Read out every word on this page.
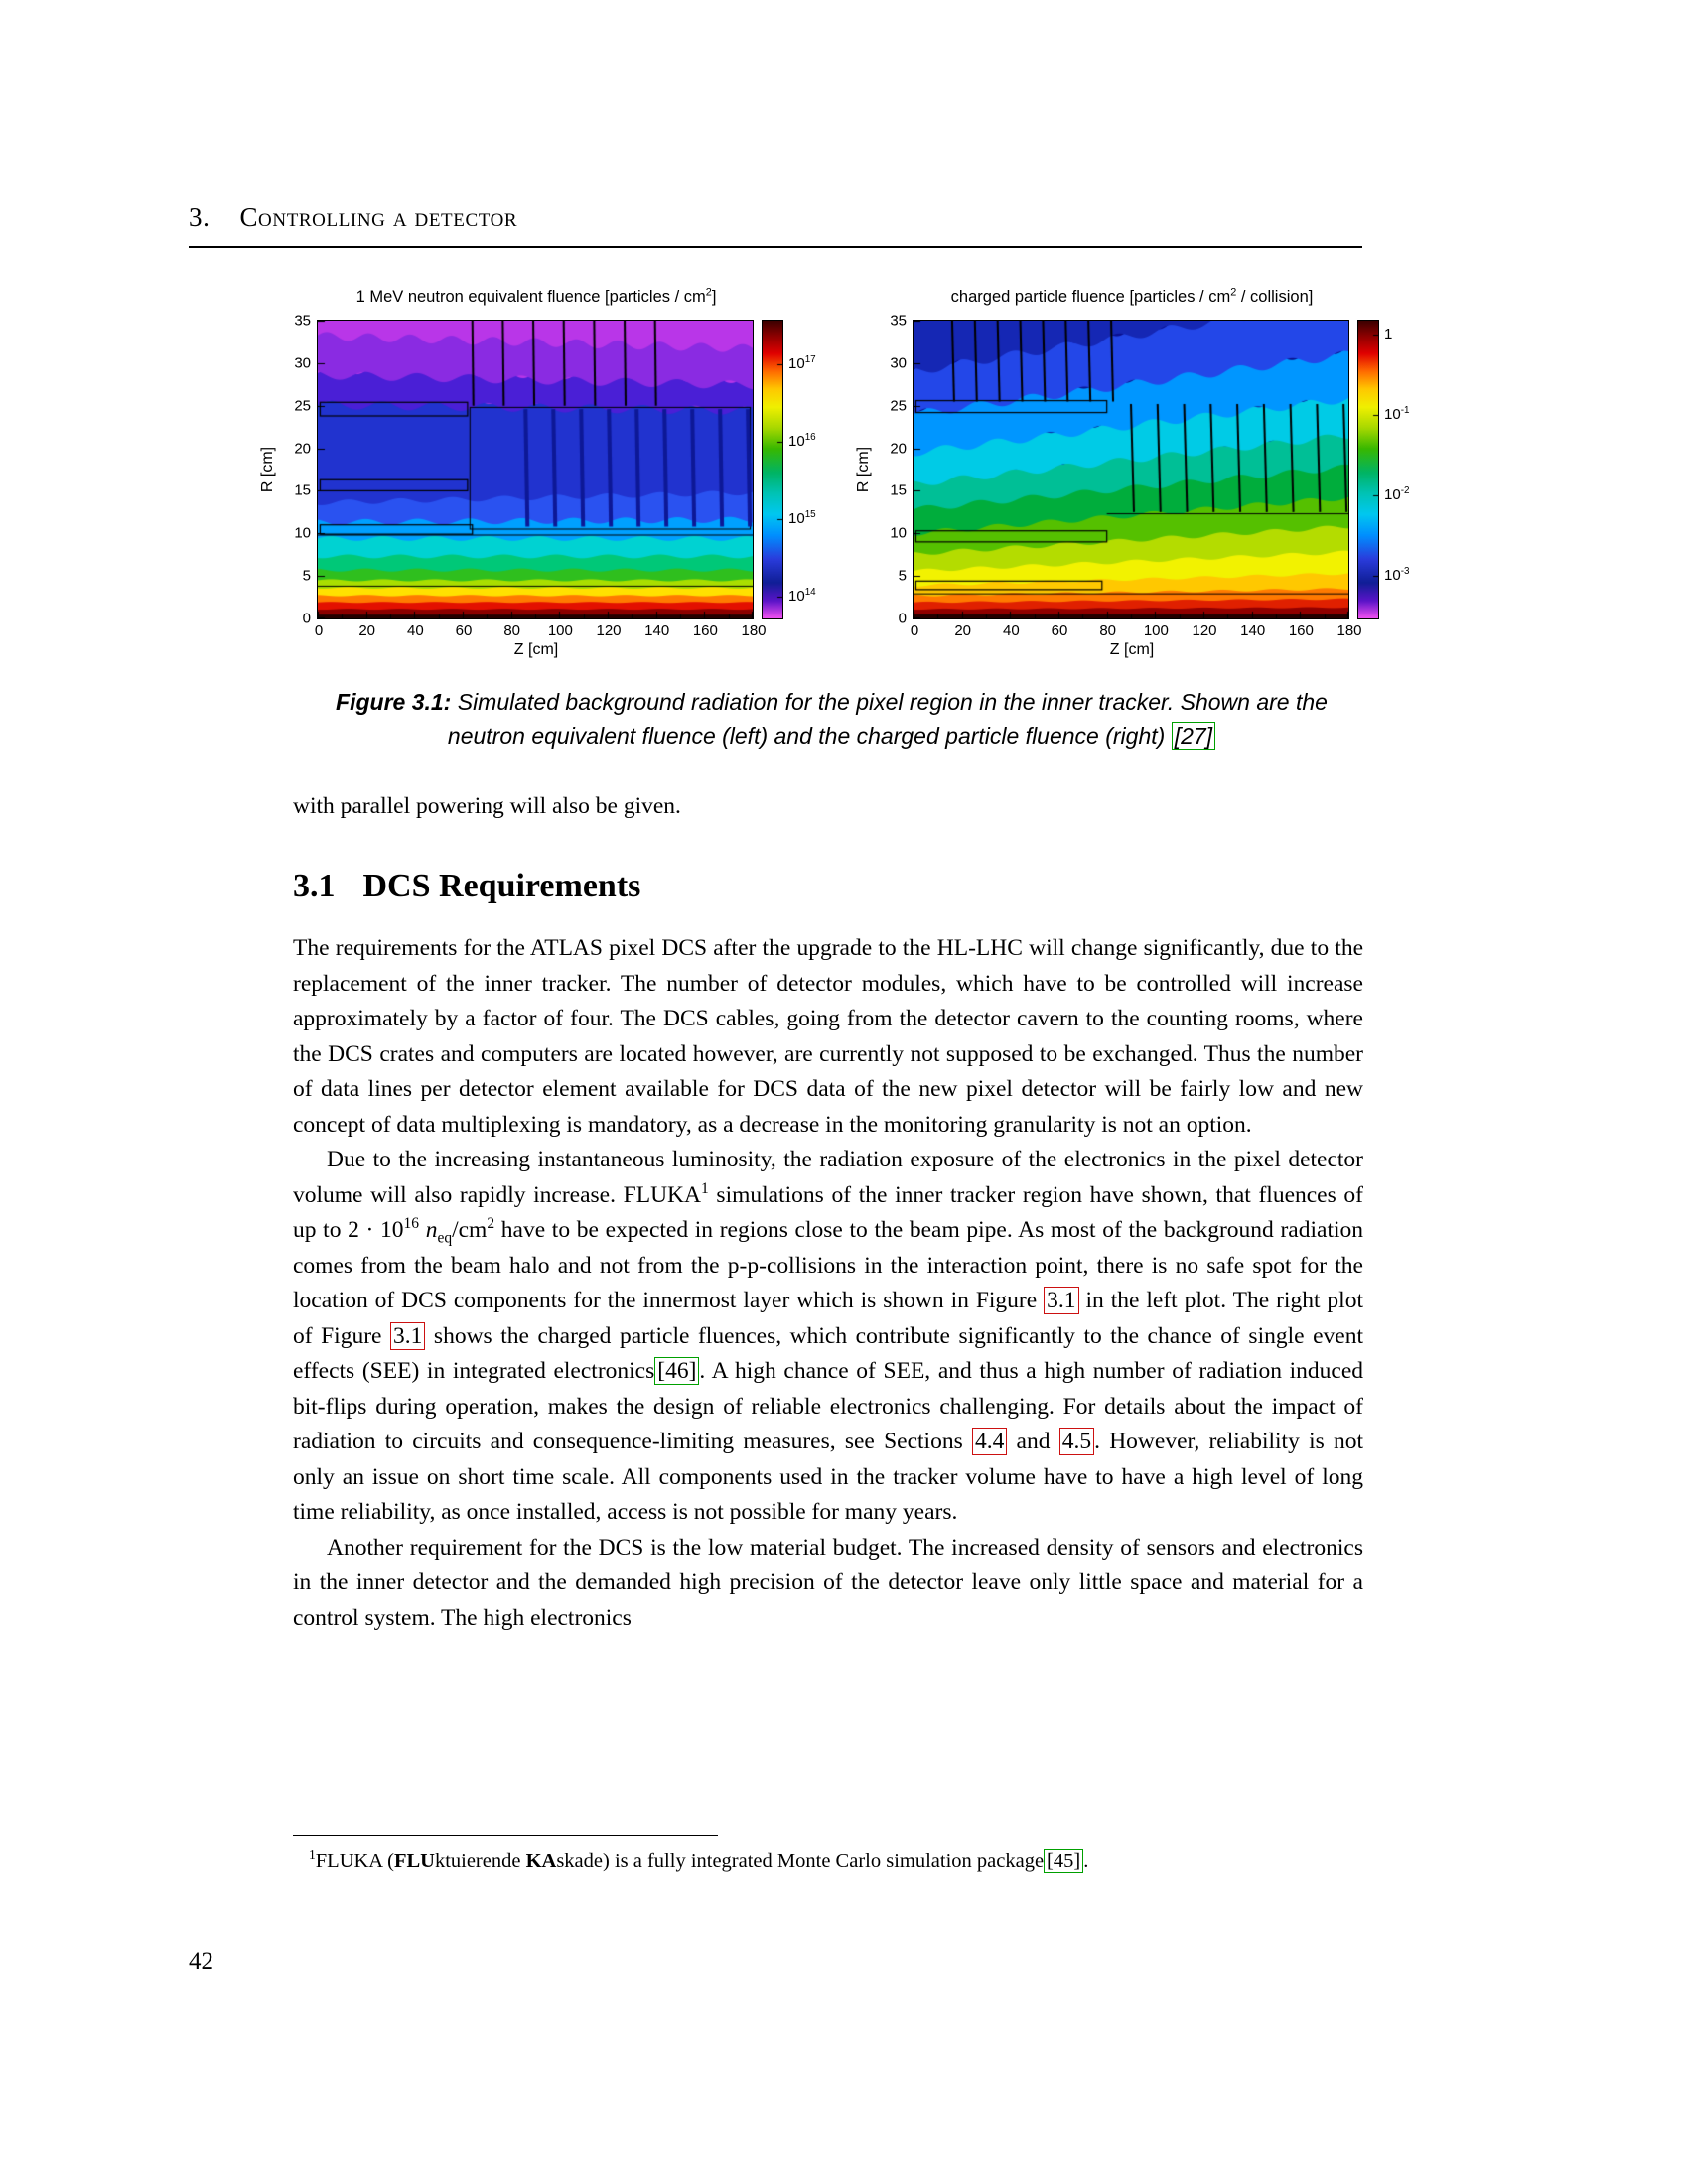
3. Controlling a detector
1 MeV neutron equivalent fluence [particles / $cm^2$]
R [cm]
0
5
10
15
20
25
30
35
$10^{17}$
$10^{16}$
$10^{15}$
$10^{14}$
0 20 40 60 80 100 120 140 160 180
Z [cm]
charged particle fluence [particles / $cm^2$ / collision]
R [cm]
0
5
10
15
20
25
30
35
1
$10^{-1}$
$10^{-2}$
$10^{-3}$
0 20 40 60 80 100 120 140 160 180
Z [cm]
Figure 3.1: Simulated background radiation for the pixel region in the inner tracker. Shown are the neutron equivalent fluence (left) and the charged particle fluence (right) [27]

with parallel powering will also be given.

3.1 DCS Requirements

The requirements for the ATLAS pixel DCS after the upgrade to the HL-LHC will change significantly, due to the replacement of the inner tracker. The number of detector modules, which have to be controlled will increase approximately by a factor of four. The DCS cables, going from the detector cavern to the counting rooms, where the DCS crates and computers are located however, are currently not supposed to be exchanged. Thus the number of data lines per detector element available for DCS data of the new pixel detector will be fairly low and new concept of data multiplexing is mandatory, as a decrease in the monitoring granularity is not an option.

Due to the increasing instantaneous luminosity, the radiation exposure of the electronics in the pixel detector volume will also rapidly increase. FLUKA$^1$ simulations of the inner tracker region have shown, that fluences of up to $2 \cdot 10^{16}$ $n_{eq}/cm^2$ have to be expected in regions close to the beam pipe. As most of the background radiation comes from the beam halo and not from the p-p-collisions in the interaction point, there is no safe spot for the location of DCS components for the innermost layer which is shown in Figure 3.1 in the left plot. The right plot of Figure 3.1 shows the charged particle fluences, which contribute significantly to the chance of single event effects (SEE) in integrated electronics [46] . A high chance of SEE, and thus a high number of radiation induced bit-flips during operation, makes the design of reliable electronics challenging. For details about the impact of radiation to circuits and consequence-limiting measures, see Sections 4.4 and 4.5 . However, reliability is not only an issue on short time scale. All components used in the tracker volume have to have a high level of long time reliability, as once installed, access is not possible for many years.

Another requirement for the DCS is the low material budget. The increased density of sensors and electronics in the inner detector and the demanded high precision of the detector leave only little space and material for a control system. The high electronics

$^1$FLUKA (FLUktuierende KAskade) is a fully integrated Monte Carlo simulation package [45] .

42
